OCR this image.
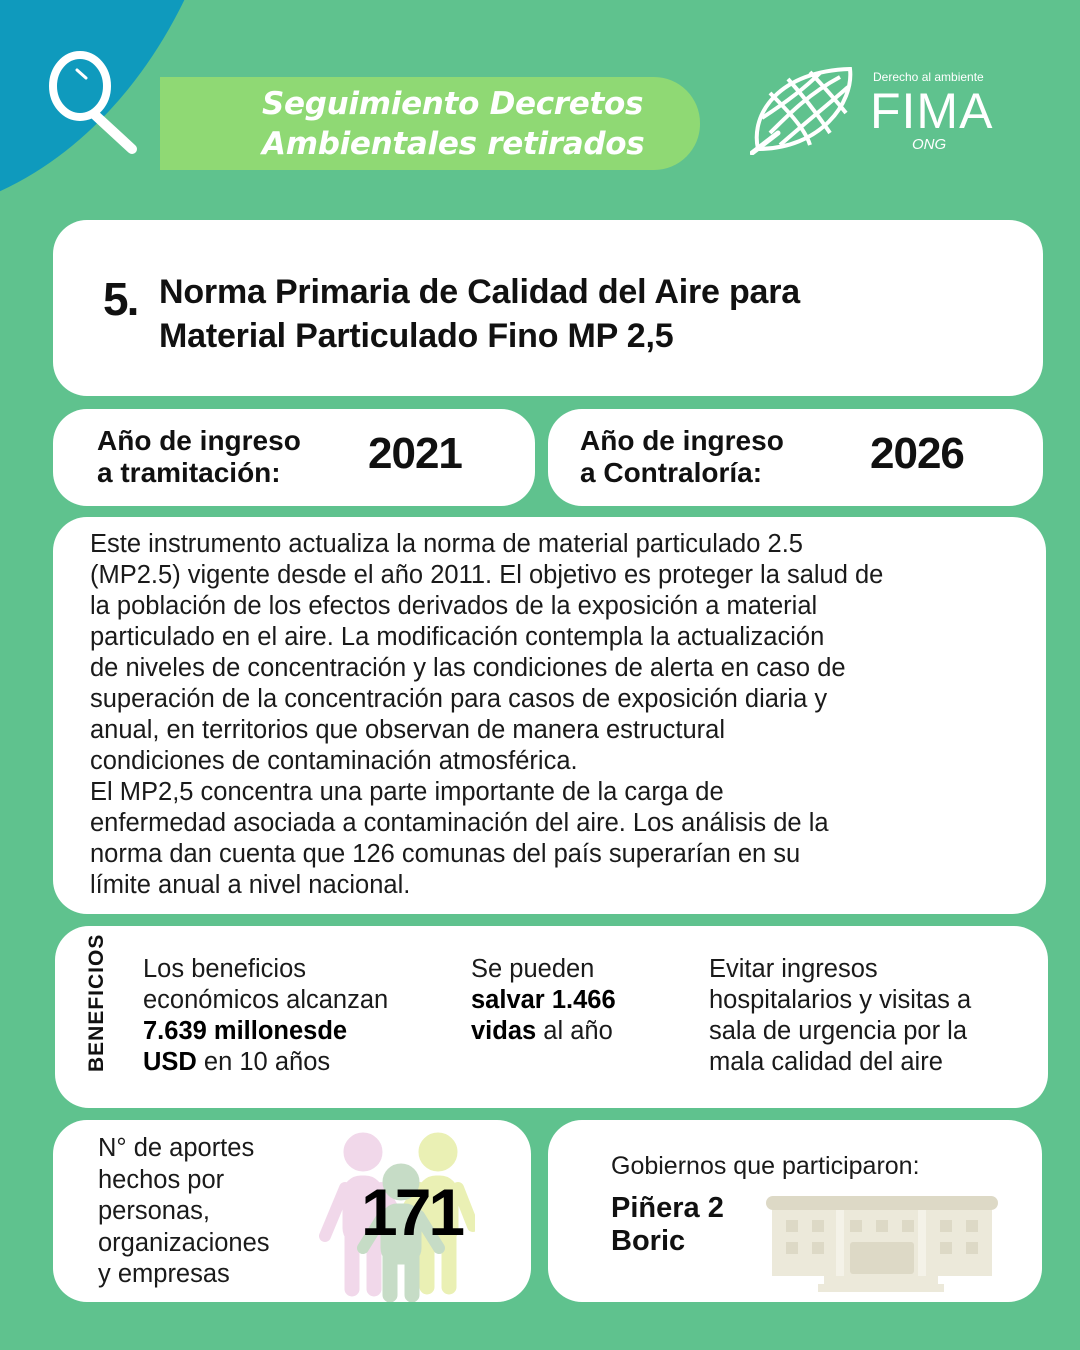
Seguimiento Decretos
Ambientales retirados
Derecho al ambiente
FIMA
ONG
5. Norma Primaria de Calidad del Aire para
Material Particulado Fino MP 2,5
Año de ingreso
a tramitación:	2021	Año de ingreso
a Contraloría:	2026
Este instrumento actualiza la norma de material particulado 2.5
(MP2.5) vigente desde el año 2011. El objetivo es proteger la salud de
la población de los efectos derivados de la exposición a material
particulado en el aire. La modificación contempla la actualización
de niveles de concentración y las condiciones de alerta en caso de
superación de la concentración para casos de exposición diaria y
anual, en territorios que observan de manera estructural
condiciones de contaminación atmosférica.
El MP2,5 concentra una parte importante de la carga de
enfermedad asociada a contaminación del aire. Los análisis de la
norma dan cuenta que 126 comunas del país superarían en su
límite anual a nivel nacional.
BENEFICIOS Los beneficios
económicos alcanzan
7.639 millonesde
USD en 10 años
Se pueden
salvar 1.466
vidas al año
Evitar ingresos
hospitalarios y visitas a
sala de urgencia por la
mala calidad del aire
N° de aportes
hechos por
personas,
organizaciones
y empresas
171
Gobiernos que participaron:
Piñera 2
Boric
